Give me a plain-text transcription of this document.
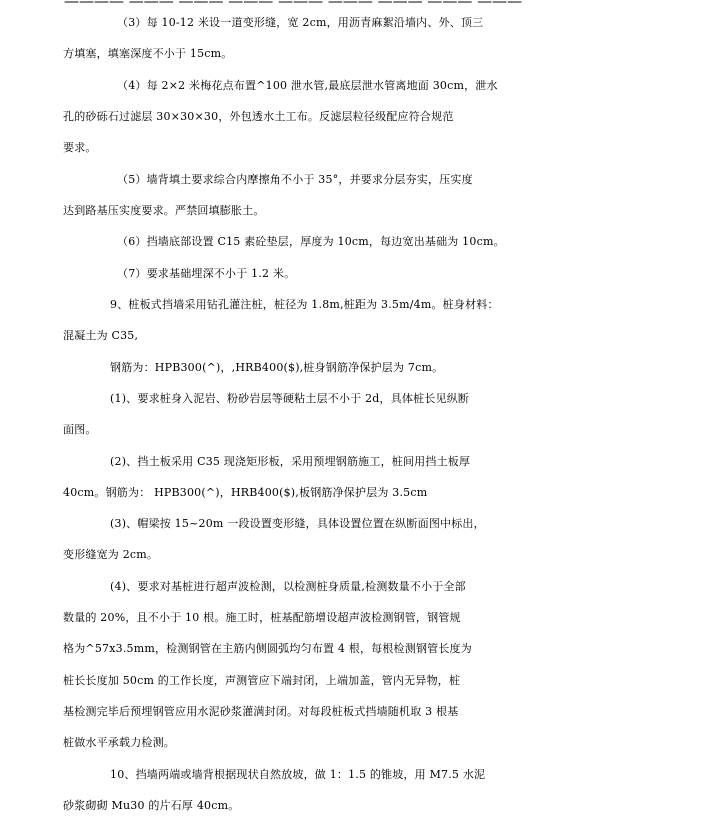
（3）每 10-12 米设一道变形缝，宽 2cm，用沥青麻絮沿墙内、外、顶三
方填塞，填塞深度不小于 15cm。
（4）每 2×2 米梅花点布置^100 泄水管,最底层泄水管离地面 30cm，泄水
孔的砂砾石过滤层 30×30×30，外包透水土工布。反滤层粒径级配应符合规范
要求。
（5）墙背填土要求综合内摩擦角不小于 35°，并要求分层夯实，压实度
达到路基压实度要求。严禁回填膨胀土。
（6）挡墙底部设置 C15 素砼垫层，厚度为 10cm，每边宽出基础为 10cm。
（7）要求基础埋深不小于 1.2 米。
9、桩板式挡墙采用钻孔灌注桩，桩径为 1.8m,桩距为 3.5m/4m。桩身材料：
混凝土为 C35,
钢筋为：HPB300(^)，,HRB400($),桩身钢筋净保护层为 7cm。
(1)、要求桩身入泥岩、粉砂岩层等硬粘土层不小于 2d，具体桩长见纵断
面图。
(2)、挡土板采用 C35 现浇矩形板，采用预埋钢筋施工，桩间用挡土板厚
40cm。钢筋为： HPB300(^)，HRB400($),板钢筋净保护层为 3.5cm
(3)、帽梁按 15~20m 一段设置变形缝，具体设置位置在纵断面图中标出，
变形缝宽为 2cm。
(4)、要求对基桩进行超声波检测，以检测桩身质量,检测数量不小于全部
数量的 20%，且不小于 10 根。施工时，桩基配筋增设超声波检测钢管，钢管规
格为^57x3.5mm，检测钢管在主筋内侧圆弧均匀布置 4 根，每根检测钢管长度为
桩长长度加 50cm 的工作长度，声测管应下端封闭，上端加盖，管内无异物，桩
基检测完毕后预埋钢管应用水泥砂浆灌满封闭。对每段桩板式挡墙随机取 3 根基
桩做水平承载力检测。
10、挡墙两端或墙背根据现状自然放坡，做 1：1.5 的锥坡，用 M7.5 水泥
砂浆砌砌 Mu30 的片石厚 40cm。
